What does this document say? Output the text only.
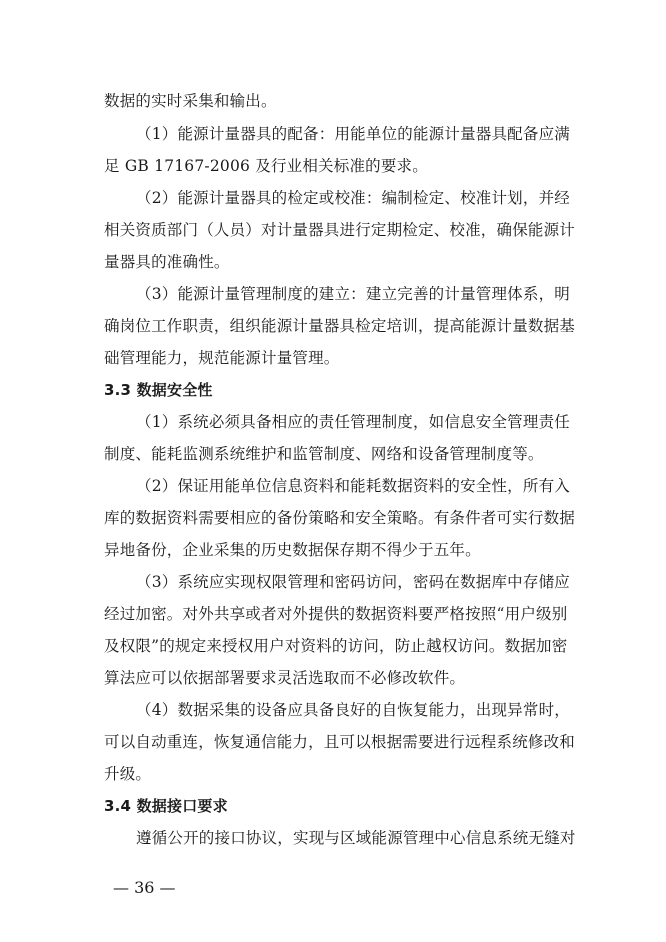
数据的实时采集和输出。
（1）能源计量器具的配备：用能单位的能源计量器具配备应满
足 GB 17167-2006 及行业相关标准的要求。
（2）能源计量器具的检定或校准：编制检定、校准计划，并经
相关资质部门（人员）对计量器具进行定期检定、校准，确保能源计
量器具的准确性。
（3）能源计量管理制度的建立：建立完善的计量管理体系，明
确岗位工作职责，组织能源计量器具检定培训，提高能源计量数据基
础管理能力，规范能源计量管理。
3.3 数据安全性
（1）系统必须具备相应的责任管理制度，如信息安全管理责任
制度、能耗监测系统维护和监管制度、网络和设备管理制度等。
（2）保证用能单位信息资料和能耗数据资料的安全性，所有入
库的数据资料需要相应的备份策略和安全策略。有条件者可实行数据
异地备份，企业采集的历史数据保存期不得少于五年。
（3）系统应实现权限管理和密码访问，密码在数据库中存储应
经过加密。对外共享或者对外提供的数据资料要严格按照“用户级别
及权限”的规定来授权用户对资料的访问，防止越权访问。数据加密
算法应可以依据部署要求灵活选取而不必修改软件。
（4）数据采集的设备应具备良好的自恢复能力，出现异常时，
可以自动重连，恢复通信能力，且可以根据需要进行远程系统修改和
升级。
3.4 数据接口要求
遵循公开的接口协议，实现与区域能源管理中心信息系统无缝对
— 36 —
